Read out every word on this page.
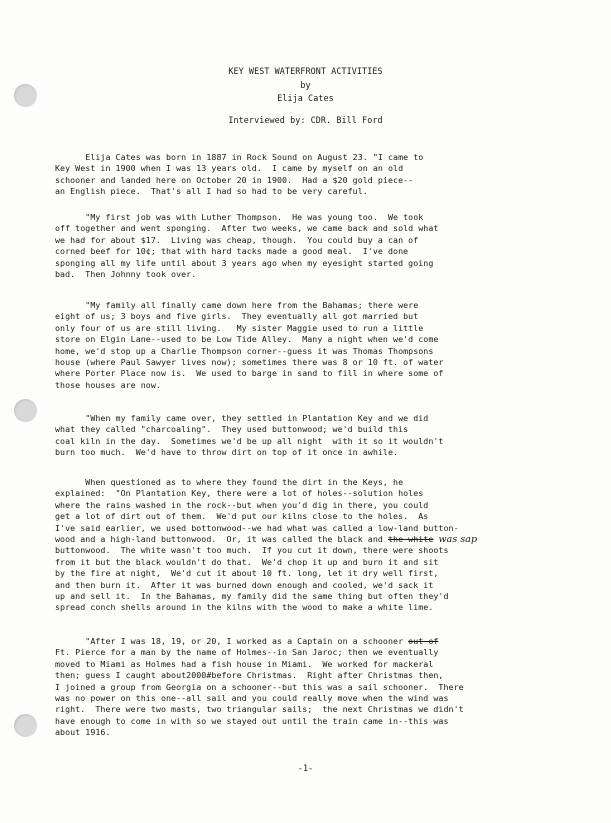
KEY WEST WATERFRONT ACTIVITIES
by
Elija Cates
Interviewed by: CDR. Bill Ford
Elija Cates was born in 1887 in Rock Sound on August 23. "I came to
Key West in 1900 when I was 13 years old.  I came by myself on an old
schooner and landed here on October 20 in 1900.  Had a $20 gold piece--
an English piece.  That's all I had so had to be very careful.
"My first job was with Luther Thompson.  He was young too.  We took
off together and went sponging.  After two weeks, we came back and sold what
we had for about $17.  Living was cheap, though.  You could buy a can of
corned beef for 10¢; that with hard tacks made a good meal.  I've done
sponging all my life until about 3 years ago when my eyesight started going
bad.  Then Johnny took over.
"My family all finally came down here from the Bahamas; there were
eight of us; 3 boys and five girls.  They eventually all got married but
only four of us are still living.   My sister Maggie used to run a little
store on Elgin Lane--used to be Low Tide Alley.  Many a night when we'd come
home, we'd stop up a Charlie Thompson corner--guess it was Thomas Thompsons
house (where Paul Sawyer lives now); sometimes there was 8 or 10 ft. of water
where Porter Place now is.  We used to barge in sand to fill in where some of
those houses are now.
"When my family came over, they settled in Plantation Key and we did
what they called "charcoaling".  They used buttonwood; we'd build this
coal kiln in the day.  Sometimes we'd be up all night  with it so it wouldn't
burn too much.  We'd have to throw dirt on top of it once in awhile.
When questioned as to where they found the dirt in the Keys, he
explained:  "On Plantation Key, there were a lot of holes--solution holes
where the rains washed in the rock--but when you'd dig in there, you could
get a lot of dirt out of them.  We'd put our kilns close to the holes.  As
I've said earlier, we used bottonwood--we had what was called a low-land button-
wood and a high-land buttonwood.  Or, it was called the black and the white was sap
buttonwood.  The white wasn't too much.  If you cut it down, there were shoots
from it but the black wouldn't do that.  We'd chop it up and burn it and sit
by the fire at night,  We'd cut it about 10 ft. long, let it dry well first,
and then burn it.  After it was burned down enough and cooled, we'd sack it
up and sell it.  In the Bahamas, my family did the same thing but often they'd
spread conch shells around in the kilns with the wood to make a white lime.
"After I was 18, 19, or 20, I worked as a Captain on a schooner out of
Ft. Pierce for a man by the name of Holmes--in San Jaroc; then we eventually
moved to Miami as Holmes had a fish house in Miami.  We worked for mackeral
then; guess I caught about2000#before Christmas.  Right after Christmas then,
I joined a group from Georgia on a schooner--but this was a sail schooner.  There
was no power on this one--all sail and you could really move when the wind was
right.  There were two masts, two triangular sails;  the next Christmas we didn't
have enough to come in with so we stayed out until the train came in--this was
about 1916.
-1-
